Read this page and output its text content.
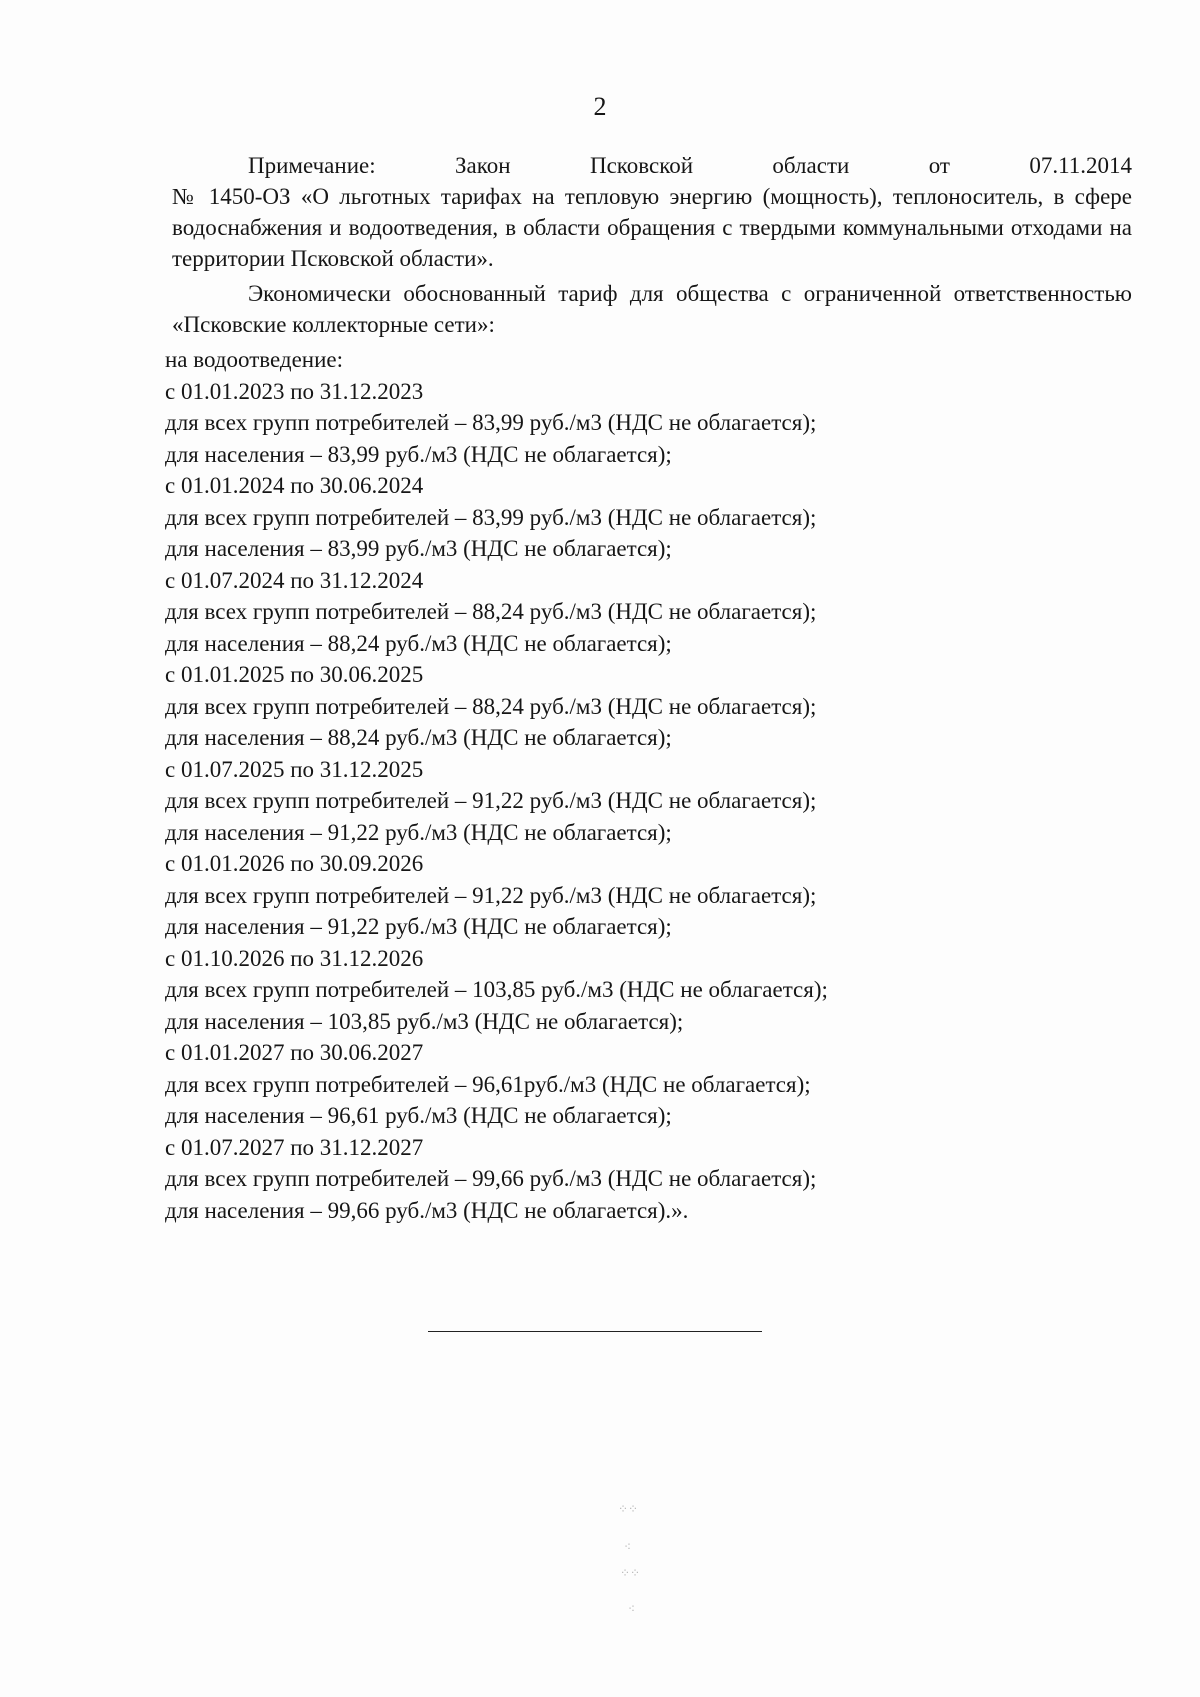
2
Примечание:	Закон Псковской области от 07.11.2014
№ 1450-ОЗ «О льготных тарифах на тепловую энергию (мощность), теплоноситель, в сфере водоснабжения и водоотведения, в области обращения с твердыми коммунальными отходами на территории Псковской области».
Экономически обоснованный тариф для общества с ограниченной ответственностью «Псковские коллекторные сети»:
на водоотведение:
с 01.01.2023 по 31.12.2023
для всех групп потребителей – 83,99 руб./м3 (НДС не облагается);
для населения – 83,99 руб./м3 (НДС не облагается);
с 01.01.2024 по 30.06.2024
для всех групп потребителей – 83,99 руб./м3 (НДС не облагается);
для населения – 83,99 руб./м3 (НДС не облагается);
с 01.07.2024 по 31.12.2024
для всех групп потребителей – 88,24 руб./м3 (НДС не облагается);
для населения – 88,24 руб./м3 (НДС не облагается);
с 01.01.2025 по 30.06.2025
для всех групп потребителей – 88,24 руб./м3 (НДС не облагается);
для населения – 88,24 руб./м3 (НДС не облагается);
с 01.07.2025 по 31.12.2025
для всех групп потребителей – 91,22 руб./м3 (НДС не облагается);
для населения – 91,22 руб./м3 (НДС не облагается);
с 01.01.2026 по 30.09.2026
для всех групп потребителей – 91,22 руб./м3 (НДС не облагается);
для населения – 91,22 руб./м3 (НДС не облагается);
с 01.10.2026 по 31.12.2026
для всех групп потребителей – 103,85 руб./м3 (НДС не облагается);
для населения – 103,85 руб./м3 (НДС не облагается);
с 01.01.2027 по 30.06.2027
для всех групп потребителей – 96,61руб./м3 (НДС не облагается);
для населения – 96,61 руб./м3 (НДС не облагается);
с 01.07.2027 по 31.12.2027
для всех групп потребителей – 99,66 руб./м3 (НДС не облагается);
для населения – 99,66 руб./м3 (НДС не облагается).».
⁘⁘
⁖
⁘⁘
⁖
